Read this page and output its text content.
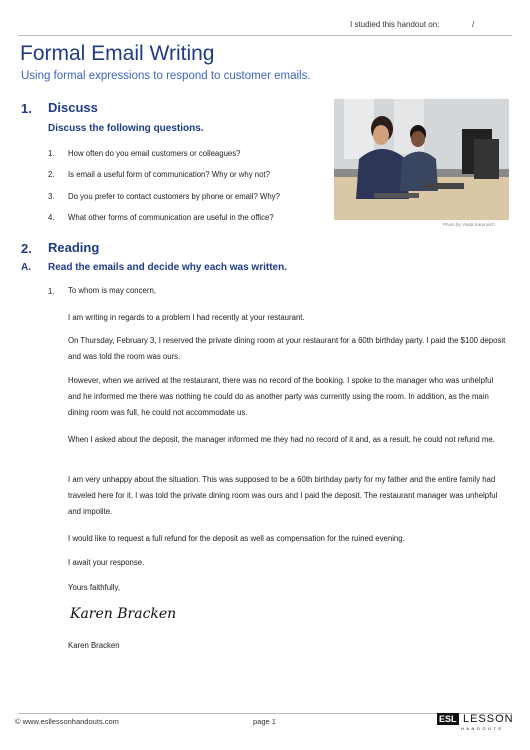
I studied this handout on:	/
Formal Email Writing
Using formal expressions to respond to customer emails.
1. Discuss
Discuss the following questions.
1. How often do you email customers or colleagues?
2. Is email a useful form of communication? Why or why not?
3. Do you prefer to contact customers by phone or email? Why?
4. What other forms of communication are useful in the office?
Photo by Vlada Karpovich
2. Reading
A. Read the emails and decide why each was written.
1. To whom is may concern,
I am writing in regards to a problem I had recently at your restaurant.
On Thursday, February 3, I reserved the private dining room at your restaurant for a 60th birthday party. I paid the $100 deposit and was told the room was ours.
However, when we arrived at the restaurant, there was no record of the booking. I spoke to the manager who was unhelpful and he informed me there was nothing he could do as another party was currently using the room. In addition, as the main dining room was full, he could not accommodate us.
When I asked about the deposit, the manager informed me they had no record of it and, as a result, he could not refund me.
I am very unhappy about the situation. This was supposed to be a 60th birthday party for my father and the entire family had traveled here for it. I was told the private dining room was ours and I paid the deposit. The restaurant manager was unhelpful and impolite.
I would like to request a full refund for the deposit as well as compensation for the ruined evening.
I await your response.
Yours faithfully,
Karen Bracken
Karen Bracken
© www.esllessonhandouts.com	page 1	ESL LESSON
HANDOUTS
